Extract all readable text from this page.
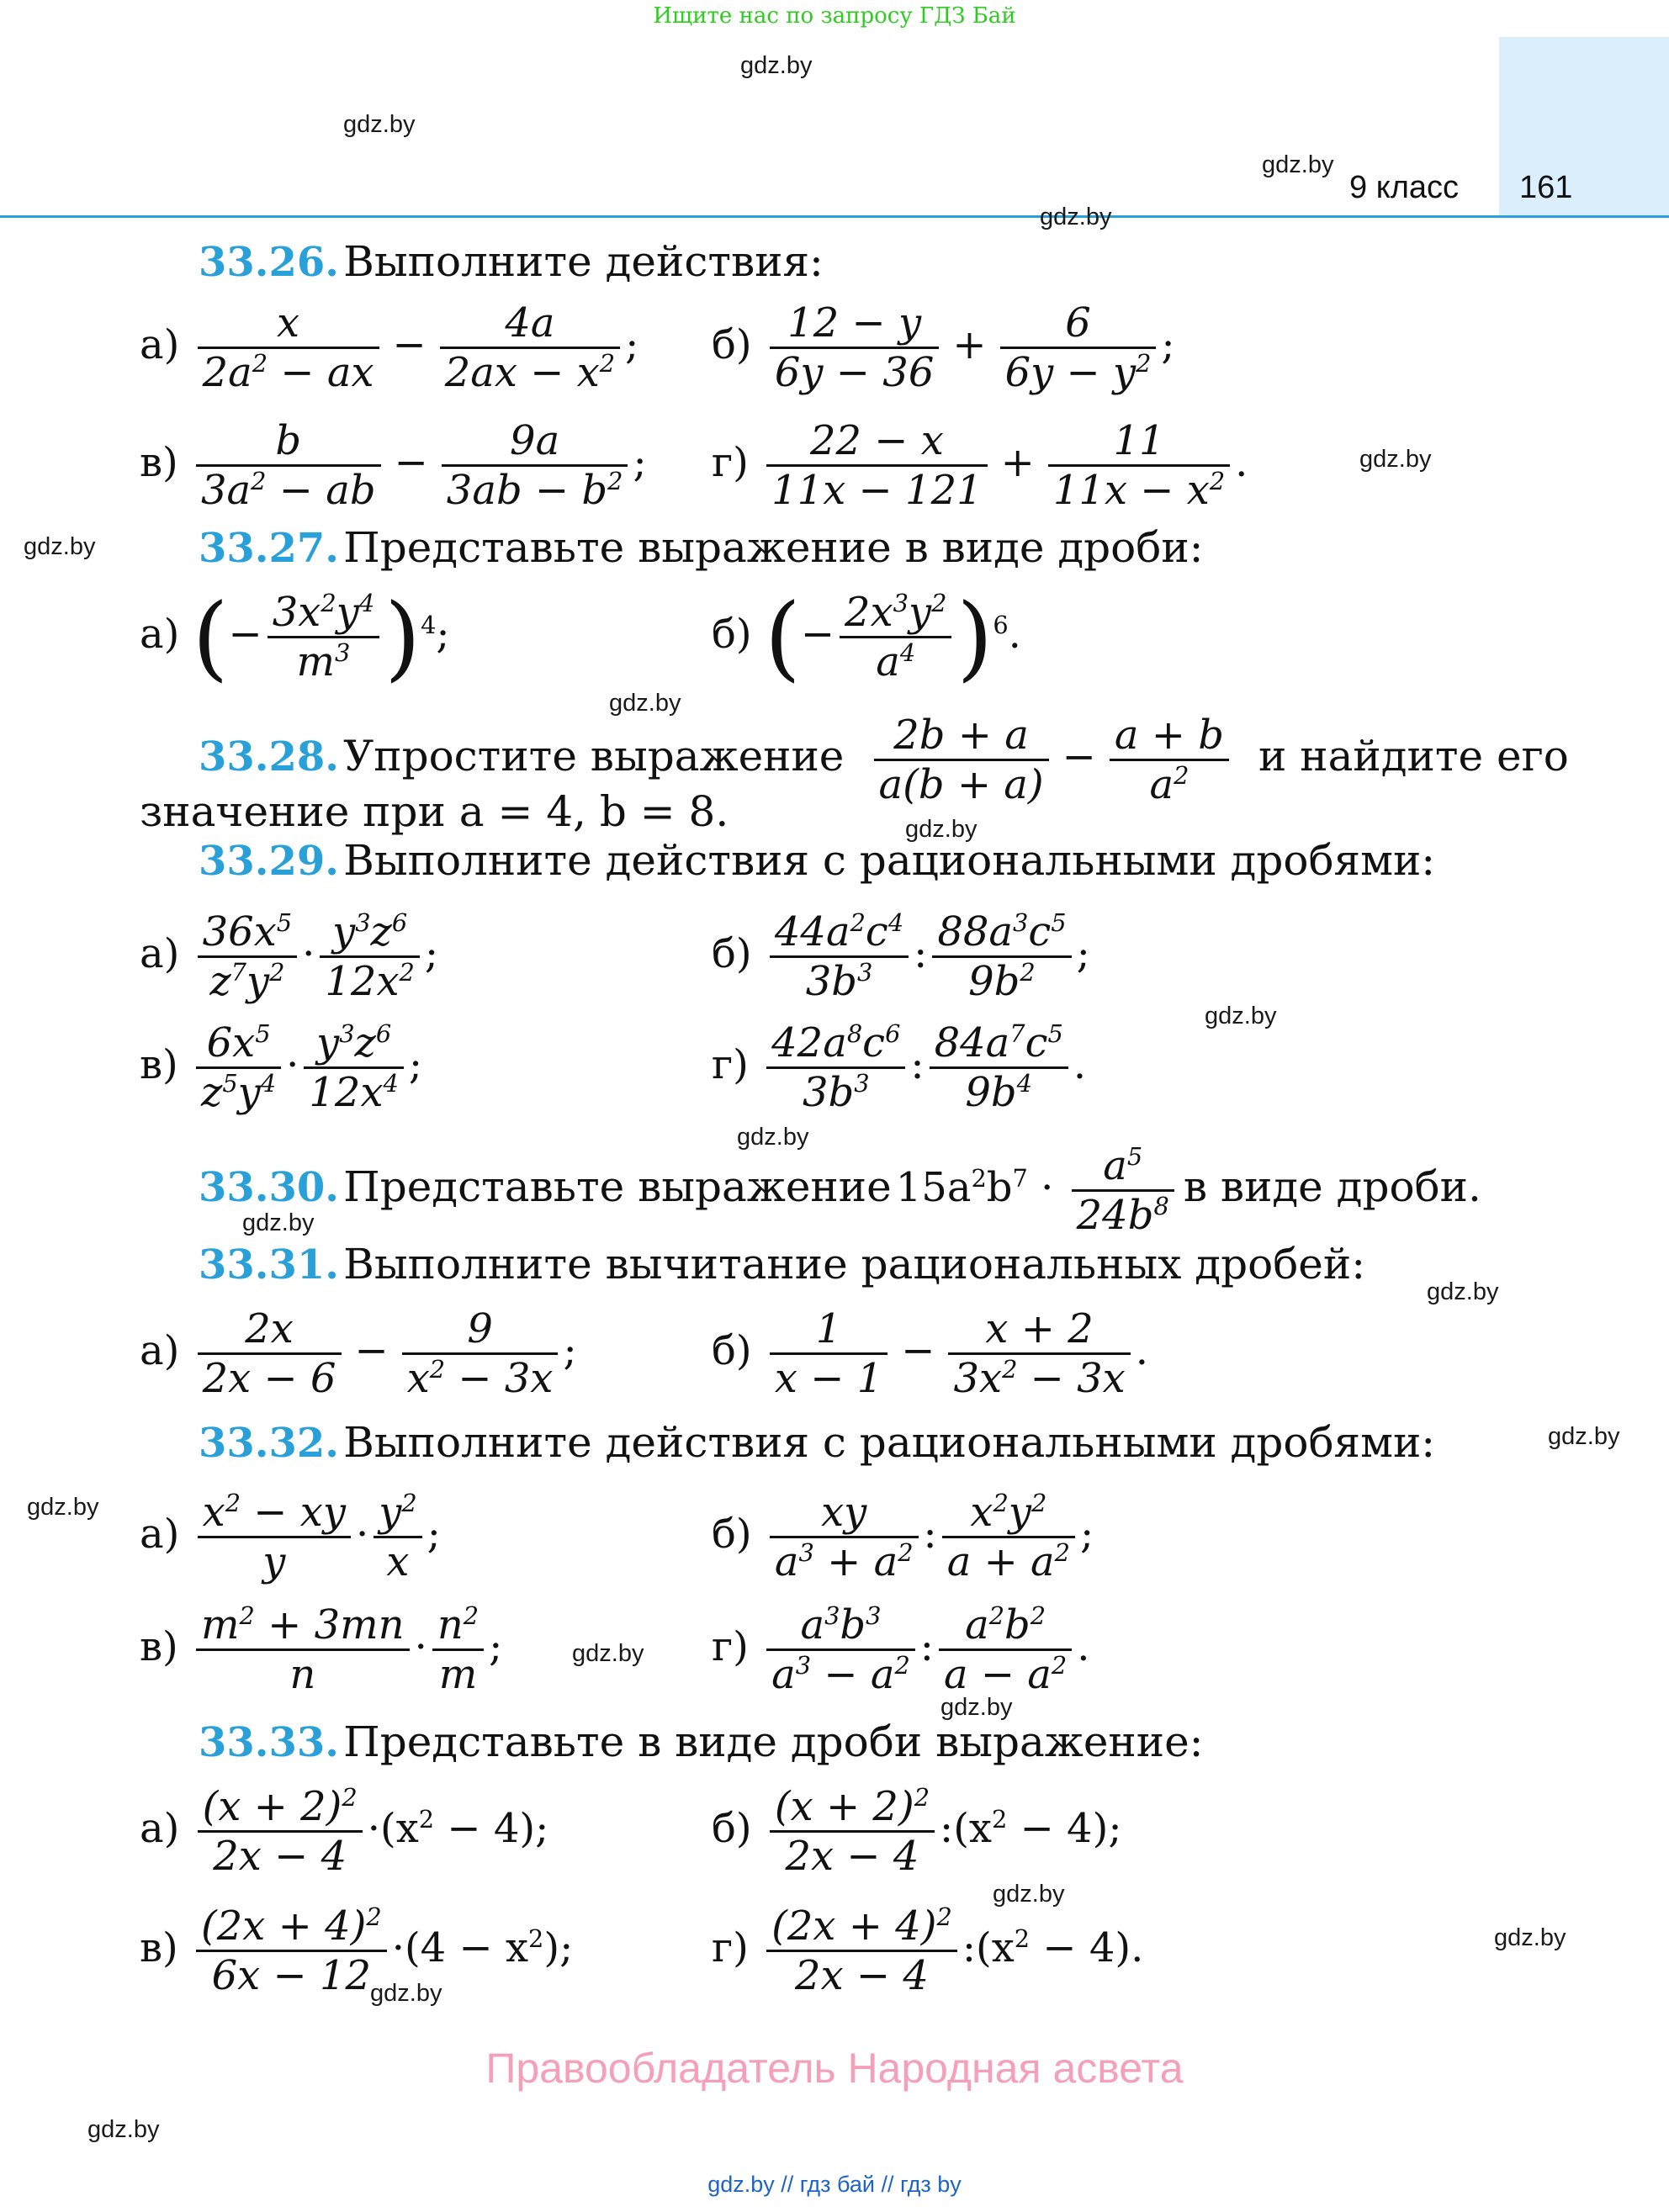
Ищите нас по запросу ГДЗ Бай
9 класс 161
gdz.by
gdz.by
gdz.by
gdz.by
gdz.by
gdz.by
gdz.by
gdz.by
gdz.by
gdz.by
gdz.by
gdz.by
gdz.by
gdz.by
gdz.by
gdz.by
gdz.by
gdz.by
gdz.by
gdz.by
33.26. Выполните действия:
$а) \frac{x}{2a^2 - ax} - \frac{4a}{2ax - x^2}$ ; $б) \frac{12 - y}{6y - 36} + \frac{6}{6y - y^2}$ ;
$в) \frac{b}{3a^2 - ab} - \frac{9a}{3ab - b^2}$ ; $г) \frac{22 - x}{11x - 121} + \frac{11}{11x - x^2}$ .
33.27. Представьте выражение в виде дроби:
а) (− $\frac{3x^2y^4}{m^3} )^4$;	б) (− $\frac{2x^3y^2}{a^4} )^6$.
33.28. Упростите выражение $\frac{2b + a}{a(b + a)} - \frac{a + b}{a^2}$ и найдите его
значение при a = 4, b = 8.
33.29. Выполните действия с рациональными дробями:
$а) \frac{36x^5}{z^7y^2} \cdot \frac{y^3z^6}{12x^2}$ ;	$б) \frac{44a^2c^4}{3b^3}$ : $\frac{88a^3c^5}{9b^2}$ ;
$в) \frac{6x^5}{z^5y^4} \cdot \frac{y^3z^6}{12x^4}$ ;	$г) \frac{42a^8c^6}{3b^3}$ : $\frac{84a^7c^5}{9b^4}$ .
33.30. Представьте выражение $15a^2b^7 \cdot \frac{a^5}{24b^8}$ в виде дроби.
33.31. Выполните вычитание рациональных дробей:
$а) \frac{2x}{2x - 6} - \frac{9}{x^2 - 3x}$ ;	$б) \frac{1}{x - 1} - \frac{x + 2}{3x^2 - 3x}$ .
33.32. Выполните действия с рациональными дробями:
$а) \frac{x^2 - xy}{y} \cdot \frac{y^2}{x}$ ;	$б) \frac{xy}{a^3 + a^2}$ : $\frac{x^2y^2}{a + a^2}$ ;
$в) \frac{m^2 + 3mn}{n} \cdot \frac{n^2}{m}$ ;	$г) \frac{a^3b^3}{a^3 - a^2}$ : $\frac{a^2b^2}{a - a^2}$ .
33.33. Представьте в виде дроби выражение:
$а) \frac{(x + 2)^2}{2x - 4} \cdot(x^2 - 4)$;	$б) \frac{(x + 2)^2}{2x - 4}$ $:(x^2 - 4)$;
$в) \frac{(2x + 4)^2}{6x - 12} \cdot(4 - x^2)$;	$г) \frac{(2x + 4)^2}{2x - 4}$ $:(x^2 - 4)$.
Правообладатель Народная асвета
gdz.by // гдз бай // гдз by
